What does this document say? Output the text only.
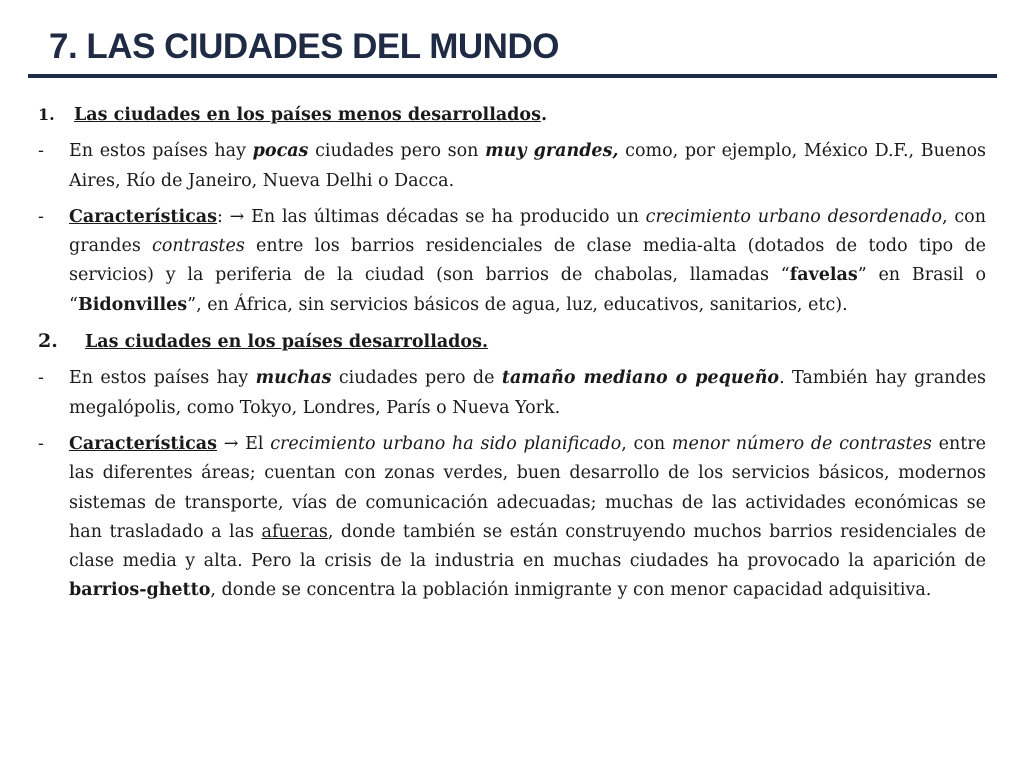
7. LAS CIUDADES DEL MUNDO

1.	Las ciudades en los países menos desarrollados.

-	En estos países hay pocas ciudades pero son muy grandes, como, por ejemplo, México D.F., Buenos Aires, Río de Janeiro, Nueva Delhi o Dacca.
-	Características: → En las últimas décadas se ha producido un crecimiento urbano desordenado, con grandes contrastes entre los barrios residenciales de clase media-alta (dotados de todo tipo de servicios) y la periferia de la ciudad (son barrios de chabolas, llamadas “favelas” en Brasil o “Bidonvilles”, en África, sin servicios básicos de agua, luz, educativos, sanitarios, etc).

2.	Las ciudades en los países desarrollados.

-	En estos países hay muchas ciudades pero de tamaño mediano o pequeño. También hay grandes megalópolis, como Tokyo, Londres, París o Nueva York.
-	Características → El crecimiento urbano ha sido planificado, con menor número de contrastes entre las diferentes áreas; cuentan con zonas verdes, buen desarrollo de los servicios básicos, modernos sistemas de transporte, vías de comunicación adecuadas; muchas de las actividades económicas se han trasladado a las afueras, donde también se están construyendo muchos barrios residenciales de clase media y alta. Pero la crisis de la industria en muchas ciudades ha provocado la aparición de barrios-ghetto, donde se concentra la población inmigrante y con menor capacidad adquisitiva.
